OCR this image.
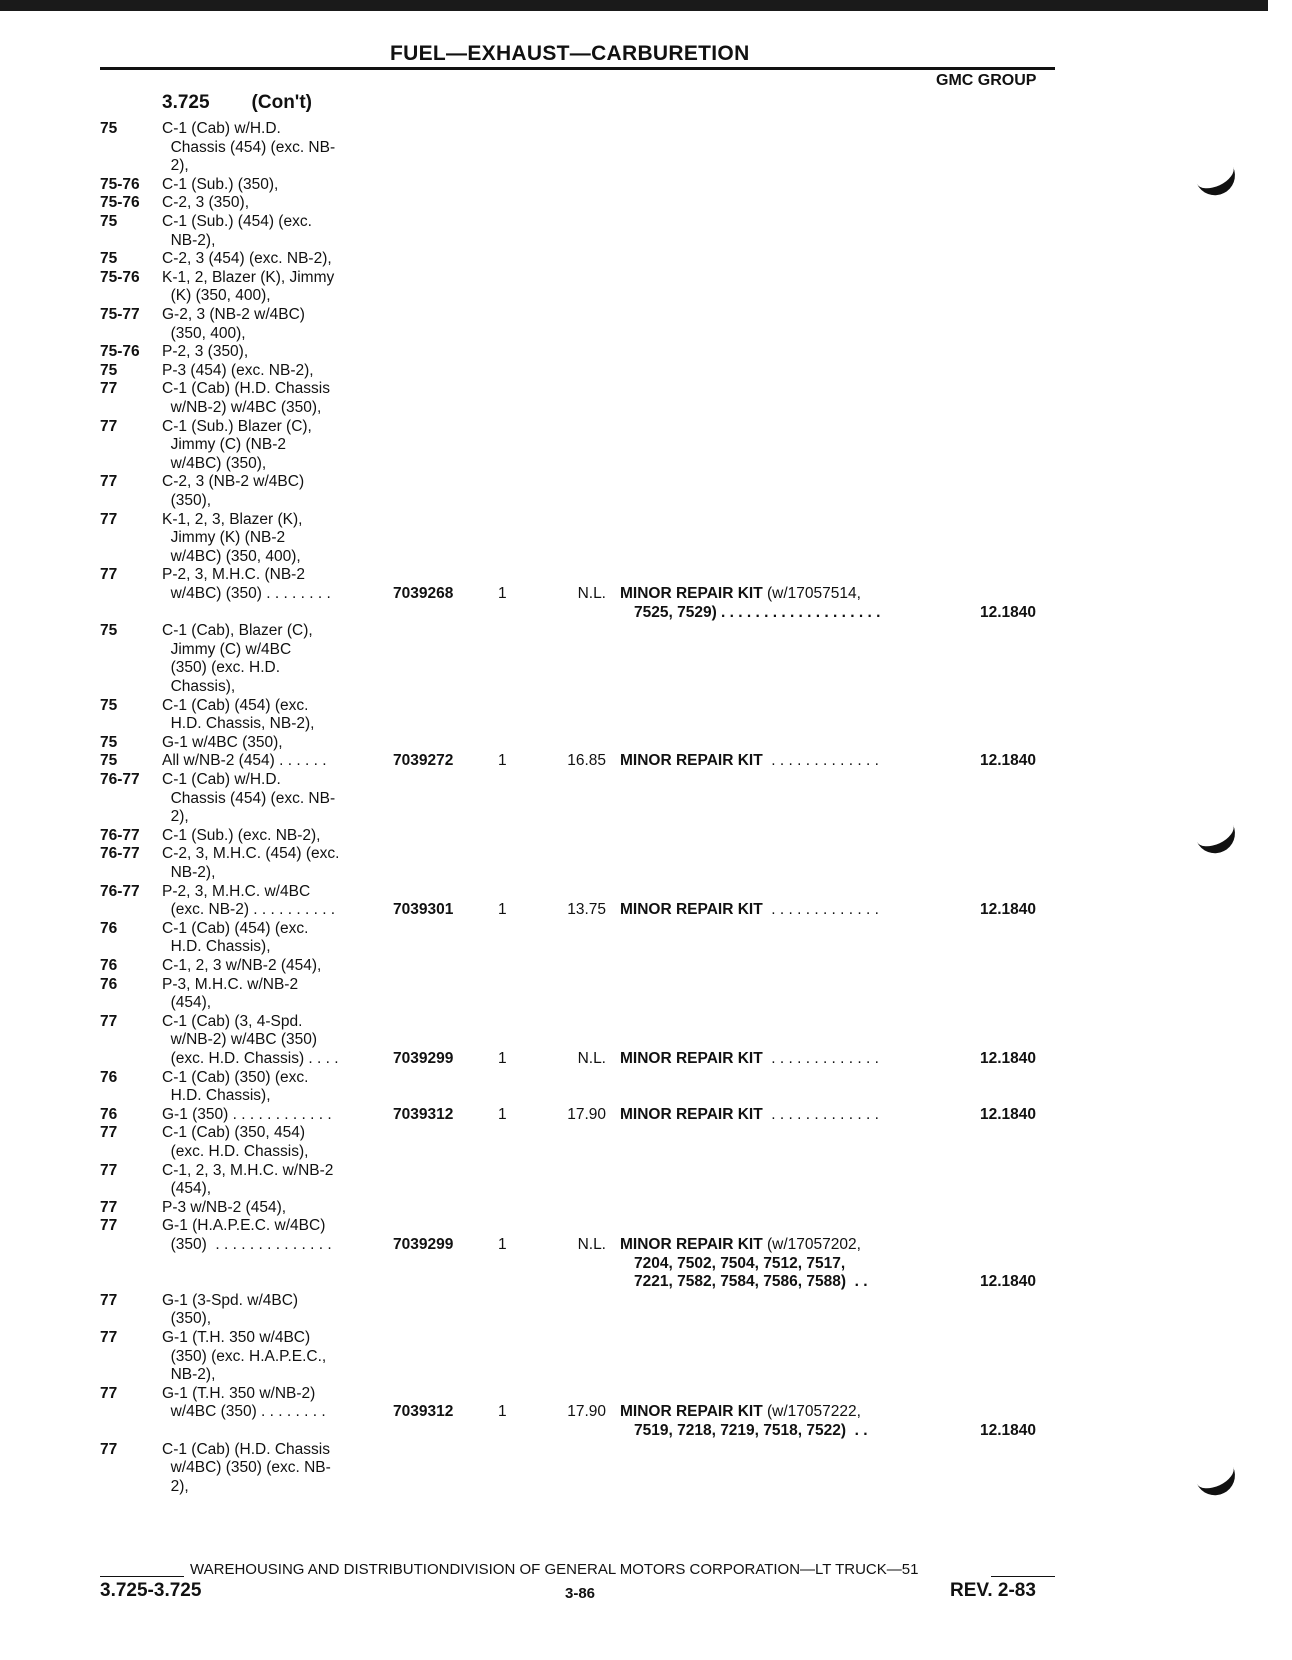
FUEL—EXHAUST—CARBURETION
GMC GROUP
3.725 (Con't)
75	C-1 (Cab) w/H.D.
Chassis (454) (exc. NB-
2),
75-76 C-1 (Sub.) (350),
75-76 C-2, 3 (350),
75	C-1 (Sub.) (454) (exc.
NB-2),
75	C-2, 3 (454) (exc. NB-2),
75-76 K-1, 2, Blazer (K), Jimmy
(K) (350, 400),
75-77 G-2, 3 (NB-2 w/4BC)
(350, 400),
75-76 P-2, 3 (350),
75	P-3 (454) (exc. NB-2),
77	C-1 (Cab) (H.D. Chassis
w/NB-2) w/4BC (350),
77	C-1 (Sub.) Blazer (C),
Jimmy (C) (NB-2
w/4BC) (350),
77	C-2, 3 (NB-2 w/4BC)
(350),
77	K-1, 2, 3, Blazer (K),
Jimmy (K) (NB-2
w/4BC) (350, 400),
77	P-2, 3, M.H.C. (NB-2
w/4BC) (350) . . . . . . . .	7039268	1	N.L. MINOR REPAIR KIT (w/17057514,
7525, 7529) . . . . . . . . . . . . . . . . . . .	12.1840
75	C-1 (Cab), Blazer (C),
Jimmy (C) w/4BC
(350) (exc. H.D.
Chassis),
75	C-1 (Cab) (454) (exc.
H.D. Chassis, NB-2),
75	G-1 w/4BC (350),
75	All w/NB-2 (454) . . . . . .	7039272	1	16.85 MINOR REPAIR KIT  . . . . . . . . . . . . .	12.1840
76-77 C-1 (Cab) w/H.D.
Chassis (454) (exc. NB-
2),
76-77 C-1 (Sub.) (exc. NB-2),
76-77 C-2, 3, M.H.C. (454) (exc.
NB-2),
76-77 P-2, 3, M.H.C. w/4BC
(exc. NB-2) . . . . . . . . . .	7039301	1	13.75 MINOR REPAIR KIT  . . . . . . . . . . . . .	12.1840
76	C-1 (Cab) (454) (exc.
H.D. Chassis),
76	C-1, 2, 3 w/NB-2 (454),
76	P-3, M.H.C. w/NB-2
(454),
77	C-1 (Cab) (3, 4-Spd.
w/NB-2) w/4BC (350)
(exc. H.D. Chassis) . . . .	7039299	1	N.L. MINOR REPAIR KIT  . . . . . . . . . . . . .	12.1840
76	C-1 (Cab) (350) (exc.
H.D. Chassis),
76	G-1 (350) . . . . . . . . . . . .	7039312	1	17.90 MINOR REPAIR KIT  . . . . . . . . . . . . .	12.1840
77	C-1 (Cab) (350, 454)
(exc. H.D. Chassis),
77	C-1, 2, 3, M.H.C. w/NB-2
(454),
77	P-3 w/NB-2 (454),
77	G-1 (H.A.P.E.C. w/4BC)
(350)  . . . . . . . . . . . . . .	7039299	1	N.L. MINOR REPAIR KIT (w/17057202,
7204, 7502, 7504, 7512, 7517,
7221, 7582, 7584, 7586, 7588)  . .	12.1840
77	G-1 (3-Spd. w/4BC)
(350),
77	G-1 (T.H. 350 w/4BC)
(350) (exc. H.A.P.E.C.,
NB-2),
77	G-1 (T.H. 350 w/NB-2)
w/4BC (350) . . . . . . . .	7039312	1	17.90 MINOR REPAIR KIT (w/17057222,
7519, 7218, 7219, 7518, 7522)  . .	12.1840
77	C-1 (Cab) (H.D. Chassis
w/4BC) (350) (exc. NB-
2),
WAREHOUSING AND DISTRIBUTIONDIVISION OF GENERAL MOTORS CORPORATION—LT TRUCK—51
3.725-3.725	3-86	REV. 2-83
